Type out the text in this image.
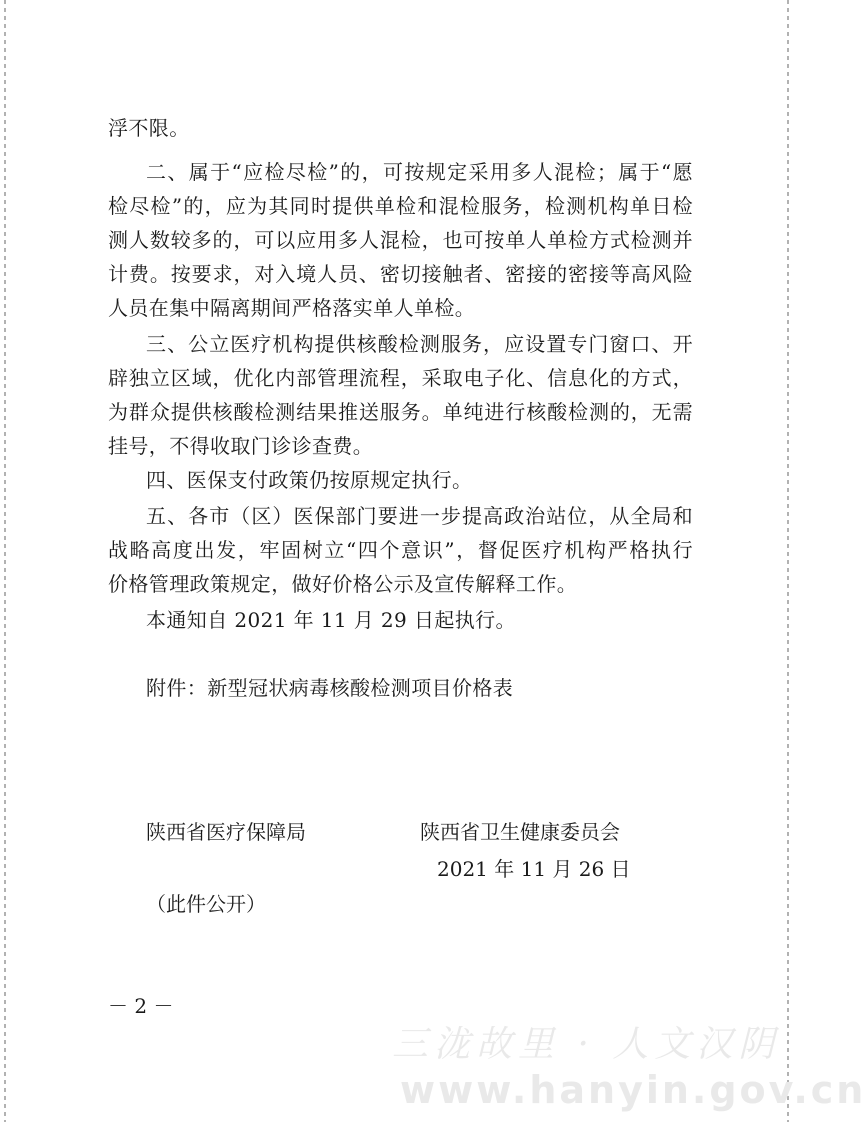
浮不限。
二、属于“应检尽检”的，可按规定采用多人混检；属于“愿
检尽检”的，应为其同时提供单检和混检服务，检测机构单日检
测人数较多的，可以应用多人混检，也可按单人单检方式检测并
计费。按要求，对入境人员、密切接触者、密接的密接等高风险
人员在集中隔离期间严格落实单人单检。
三、公立医疗机构提供核酸检测服务，应设置专门窗口、开
辟独立区域，优化内部管理流程，采取电子化、信息化的方式，
为群众提供核酸检测结果推送服务。单纯进行核酸检测的，无需
挂号，不得收取门诊诊查费。
四、医保支付政策仍按原规定执行。
五、各市（区）医保部门要进一步提高政治站位，从全局和
战略高度出发，牢固树立“四个意识”，督促医疗机构严格执行
价格管理政策规定，做好价格公示及宣传解释工作。
本通知自 2021 年 11 月 29 日起执行。
附件：新型冠状病毒核酸检测项目价格表
陕西省医疗保障局	陕西省卫生健康委员会
2021 年 11 月 26 日
（此件公开）
－ 2 －
三泷故里 · 人文汉阴
www.hanyin.gov.cn
